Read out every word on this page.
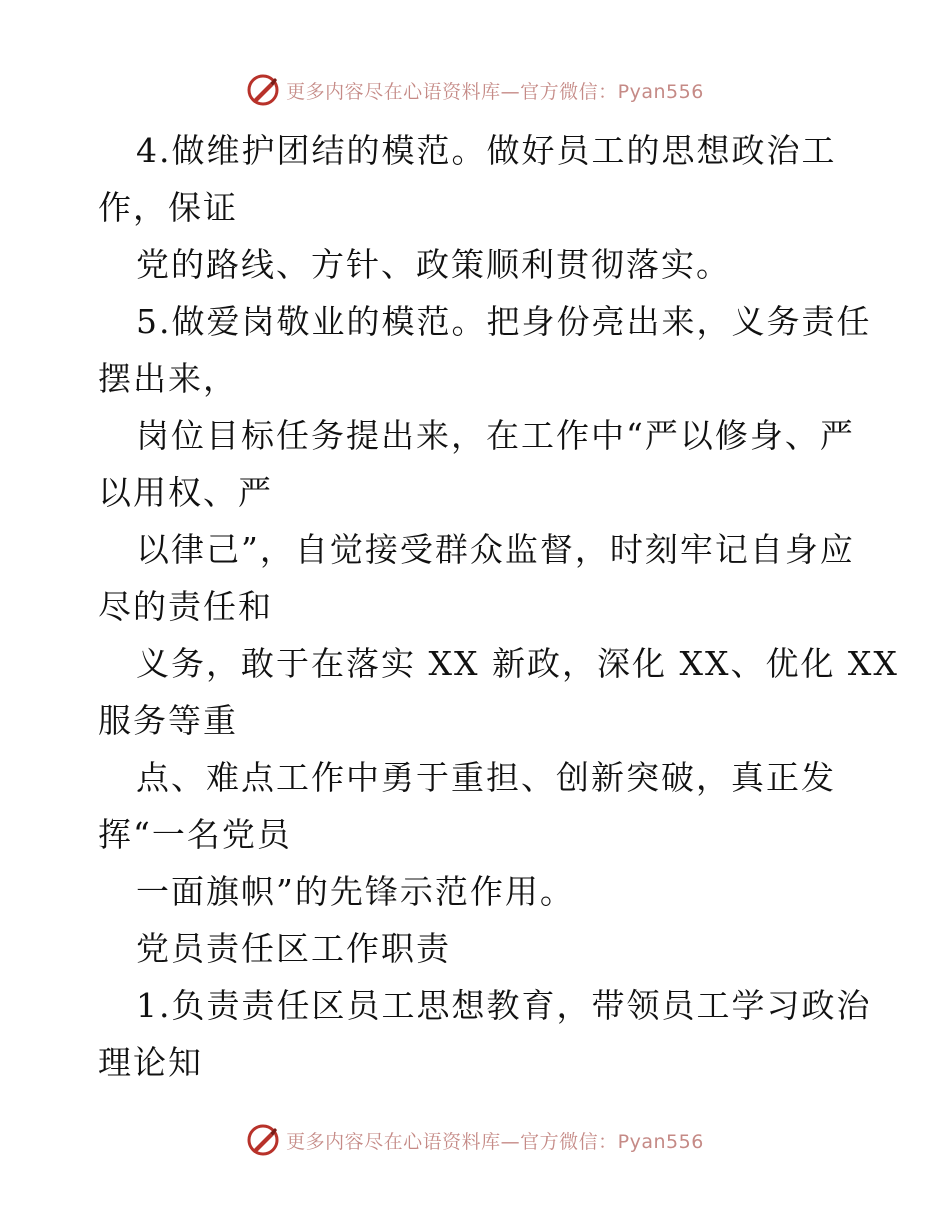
更多内容尽在心语资料库—官方微信：Pyan556
4.做维护团结的模范。做好员工的思想政治工
作，保证
党的路线、方针、政策顺利贯彻落实。
5.做爱岗敬业的模范。把身份亮出来，义务责任
摆出来，
岗位目标任务提出来，在工作中“严以修身、严
以用权、严
以律己”，自觉接受群众监督，时刻牢记自身应
尽的责任和
义务，敢于在落实 XX 新政，深化 XX、优化 XX
服务等重
点、难点工作中勇于重担、创新突破，真正发
挥“一名党员
一面旗帜”的先锋示范作用。
党员责任区工作职责
1.负责责任区员工思想教育，带领员工学习政治
理论知
更多内容尽在心语资料库—官方微信：Pyan556
